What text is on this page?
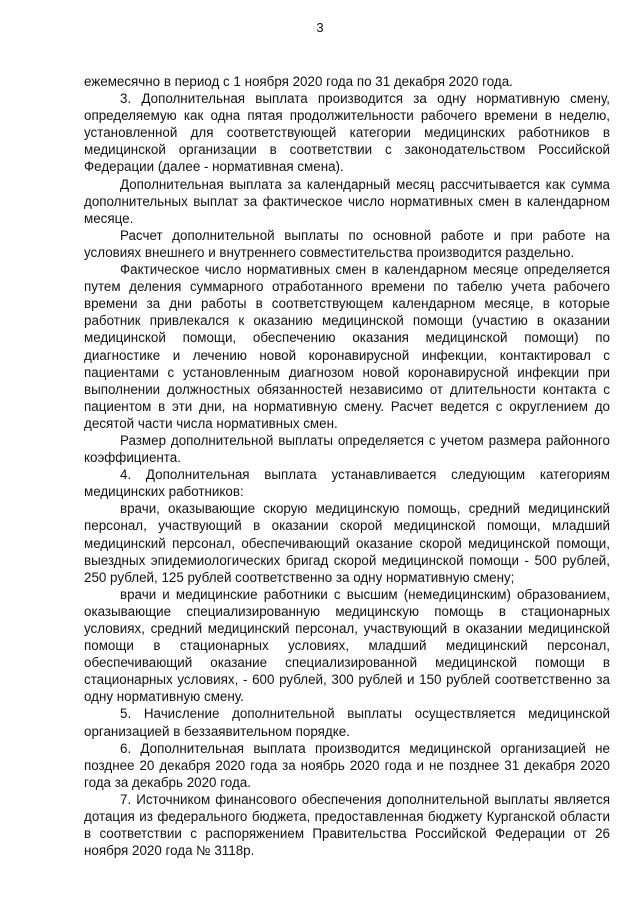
3

ежемесячно в период с 1 ноября 2020 года по 31 декабря 2020 года.

3. Дополнительная выплата производится за одну нормативную смену, определяемую как одна пятая продолжительности рабочего времени в неделю, установленной для соответствующей категории медицинских работников в медицинской организации в соответствии с законодательством Российской Федерации (далее - нормативная смена).

Дополнительная выплата за календарный месяц рассчитывается как сумма дополнительных выплат за фактическое число нормативных смен в календарном месяце.

Расчет дополнительной выплаты по основной работе и при работе на условиях внешнего и внутреннего совместительства производится раздельно.

Фактическое число нормативных смен в календарном месяце определяется путем деления суммарного отработанного времени по табелю учета рабочего времени за дни работы в соответствующем календарном месяце, в которые работник привлекался к оказанию медицинской помощи (участию в оказании медицинской помощи, обеспечению оказания медицинской помощи) по диагностике и лечению новой коронавирусной инфекции, контактировал с пациентами с установленным диагнозом новой коронавирусной инфекции при выполнении должностных обязанностей независимо от длительности контакта с пациентом в эти дни, на нормативную смену. Расчет ведется с округлением до десятой части числа нормативных смен.

Размер дополнительной выплаты определяется с учетом размера районного коэффициента.

4. Дополнительная выплата устанавливается следующим категориям медицинских работников:

врачи, оказывающие скорую медицинскую помощь, средний медицинский персонал, участвующий в оказании скорой медицинской помощи, младший медицинский персонал, обеспечивающий оказание скорой медицинской помощи, выездных эпидемиологических бригад скорой медицинской помощи - 500 рублей, 250 рублей, 125 рублей соответственно за одну нормативную смену;

врачи и медицинские работники с высшим (немедицинским) образованием, оказывающие специализированную медицинскую помощь в стационарных условиях, средний медицинский персонал, участвующий в оказании медицинской помощи в стационарных условиях, младший медицинский персонал, обеспечивающий оказание специализированной медицинской помощи в стационарных условиях, - 600 рублей, 300 рублей и 150 рублей соответственно за одну нормативную смену.

5. Начисление дополнительной выплаты осуществляется медицинской организацией в беззаявительном порядке.

6. Дополнительная выплата производится медицинской организацией не позднее 20 декабря 2020 года за ноябрь 2020 года и не позднее 31 декабря 2020 года за декабрь 2020 года.

7. Источником финансового обеспечения дополнительной выплаты является дотация из федерального бюджета, предоставленная бюджету Курганской области в соответствии с распоряжением Правительства Российской Федерации от 26 ноября 2020 года № 3118р.
